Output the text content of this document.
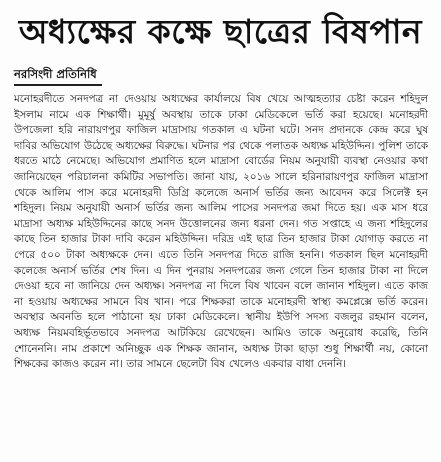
অধ্যক্ষের কক্ষে ছাত্রের বিষপান
নরসিংদী প্রতিনিধি

মনোহরদীতে সনদপত্র না দেওয়ায় অধ্যক্ষের কার্যালয়ে বিষ খেয়ে আত্মহত্যার চেষ্টা করেন শহিদুল ইসলাম নামে এক শিক্ষার্থী। মুমূর্ষু অবস্থায় তাকে ঢাকা মেডিকেলে ভর্তি করা হয়েছে। মনোহরদী উপজেলা হরি নারায়ণপুর ফাজিল মাদ্রাসায় গতকাল এ ঘটনা ঘটে। সনদ প্রদানকে কেন্দ্র করে ঘুষ দাবির অভিযোগ উঠেছে অধ্যক্ষের বিরুদ্ধে। ঘটনার পর থেকে পলাতক অধ্যক্ষ মহিউদ্দিন। পুলিশ তাকে ধরতে মাঠে নেমেছে। অভিযোগ প্রমাণিত হলে মাদ্রাসা বোর্ডের নিয়ম অনুযায়ী ব্যবস্থা নেওয়ার কথা জানিয়েছেন পরিচালনা কমিটির সভাপতি। জানা যায়, ২০১৬ সালে হরিনারায়ণপুর ফাজিল মাদ্রাসা থেকে আলিম পাস করে মনোহরদী ডিগ্রি কলেজে অনার্স ভর্তির জন্য আবেদন করে সিলেক্ট হন শহিদুল। নিয়ম অনুযায়ী অনার্স ভর্তির জন্য আলিম পাসের সনদপত্র জমা দিতে হয়। এক মাস ধরে মাদ্রাসা অধ্যক্ষ মহিউদ্দিনের কাছে সনদ উত্তোলনের জন্য ধরনা দেন। গত সপ্তাহে এ জন্য শহিদুলের কাছে তিন হাজার টাকা দাবি করেন মহিউদ্দিন। দরিদ্র এই ছাত্র তিন হাজার টাকা যোগাড় করতে না পেরে ৫০০ টাকা অধ্যক্ষকে দেন। এতে তিনি সনদপত্র দিতে রাজি হননি। গতকাল ছিল মনোহরদী কলেজে অনার্স ভর্তির শেষ দিন। এ দিন পুনরায় সনদপত্রের জন্য গেলে তিন হাজার টাকা না দিলে দেওয়া হবে না জানিয়ে দেন অধ্যক্ষ। সনদপত্র না দিলে বিষ খাবেন বলে জানান শহিদুল। এতে কাজ না হওয়ায় অধ্যক্ষের সামনে বিষ খান। পরে শিক্ষকরা তাকে মনোহরদী স্বাস্থ্য কমপ্লেক্সে ভর্তি করেন। অবস্থার অবনতি হলে পাঠানো হয় ঢাকা মেডিকেলে। স্থানীয় ইউপি সদস্য বজলুর রহমান বলেন, অধ্যক্ষ নিয়মবহির্ভূতভাবে সনদপত্র আটকিয়ে রেখেছেন। আমিও তাকে অনুরোধ করেছি, তিনি শোনেননি। নাম প্রকাশে অনিচ্ছুক এক শিক্ষক জানান, অধ্যক্ষ টাকা ছাড়া শুধু শিক্ষার্থী নয়, কোনো শিক্ষকের কাজও করেন না। তার সামনে ছেলেটা বিষ খেলেও একবার বাধা দেননি।
